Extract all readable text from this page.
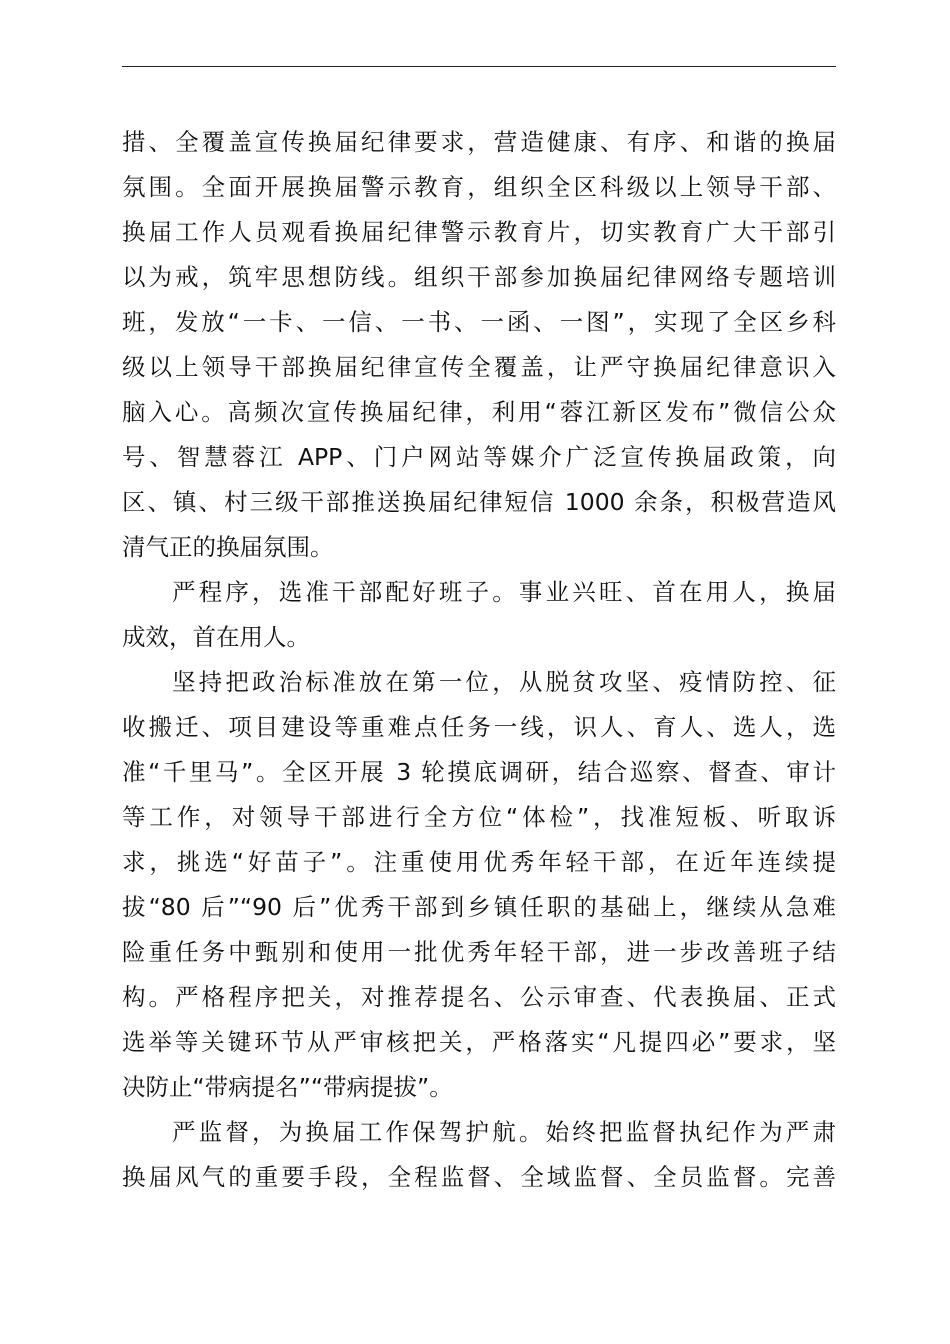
措、全覆盖宣传换届纪律要求，营造健康、有序、和谐的换届
氛围。全面开展换届警示教育，组织全区科级以上领导干部、
换届工作人员观看换届纪律警示教育片，切实教育广大干部引
以为戒，筑牢思想防线。组织干部参加换届纪律网络专题培训
班，发放“一卡、一信、一书、一函、一图”，实现了全区乡科
级以上领导干部换届纪律宣传全覆盖，让严守换届纪律意识入
脑入心。高频次宣传换届纪律，利用“蓉江新区发布”微信公众
号、智慧蓉江 APP、门户网站等媒介广泛宣传换届政策，向
区、镇、村三级干部推送换届纪律短信 1000 余条，积极营造风
清气正的换届氛围。
严程序，选准干部配好班子。事业兴旺、首在用人，换届
成效，首在用人。
坚持把政治标准放在第一位，从脱贫攻坚、疫情防控、征
收搬迁、项目建设等重难点任务一线，识人、育人、选人，选
准“千里马”。全区开展 3 轮摸底调研，结合巡察、督查、审计
等工作，对领导干部进行全方位“体检”，找准短板、听取诉
求，挑选“好苗子”。注重使用优秀年轻干部，在近年连续提
拔“80 后”“90 后”优秀干部到乡镇任职的基础上，继续从急难
险重任务中甄别和使用一批优秀年轻干部，进一步改善班子结
构。严格程序把关，对推荐提名、公示审查、代表换届、正式
选举等关键环节从严审核把关，严格落实“凡提四必”要求，坚
决防止“带病提名”“带病提拔”。
严监督，为换届工作保驾护航。始终把监督执纪作为严肃
换届风气的重要手段，全程监督、全域监督、全员监督。完善
